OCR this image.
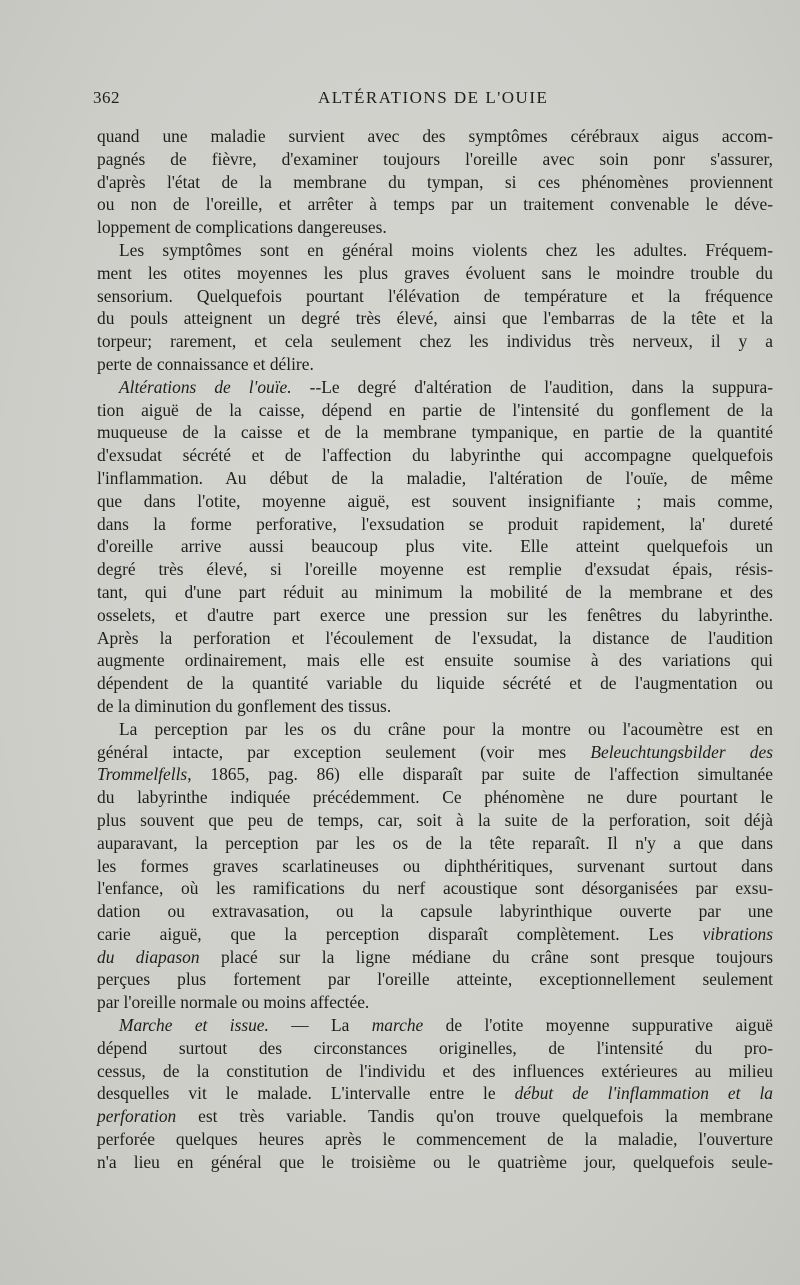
362	ALTÉRATIONS DE L'OUIE
quand une maladie survient avec des symptômes cérébraux aigus accom-
pagnés de fièvre, d'examiner toujours l'oreille avec soin ponr s'assurer,
d'après l'état de la membrane du tympan, si ces phénomènes proviennent
ou non de l'oreille, et arrêter à temps par un traitement convenable le déve-
loppement de complications dangereuses.
Les symptômes sont en général moins violents chez les adultes. Fréquem-
ment les otites moyennes les plus graves évoluent sans le moindre trouble du
sensorium. Quelquefois pourtant l'élévation de température et la fréquence
du pouls atteignent un degré très élevé, ainsi que l'embarras de la tête et la
torpeur; rarement, et cela seulement chez les individus très nerveux, il y a
perte de connaissance et délire.
Altérations de l'ouïe. --Le degré d'altération de l'audition, dans la suppura-
tion aiguë de la caisse, dépend en partie de l'intensité du gonflement de la
muqueuse de la caisse et de la membrane tympanique, en partie de la quantité
d'exsudat sécrété et de l'affection du labyrinthe qui accompagne quelquefois
l'inflammation. Au début de la maladie, l'altération de l'ouïe, de même
que dans l'otite, moyenne aiguë, est souvent insignifiante ; mais comme,
dans la forme perforative, l'exsudation se produit rapidement, la' dureté
d'oreille arrive aussi beaucoup plus vite. Elle atteint quelquefois un
degré très élevé, si l'oreille moyenne est remplie d'exsudat épais, résis-
tant, qui d'une part réduit au minimum la mobilité de la membrane et des
osselets, et d'autre part exerce une pression sur les fenêtres du labyrinthe.
Après la perforation et l'écoulement de l'exsudat, la distance de l'audition
augmente ordinairement, mais elle est ensuite soumise à des variations qui
dépendent de la quantité variable du liquide sécrété et de l'augmentation ou
de la diminution du gonflement des tissus.
La perception par les os du crâne pour la montre ou l'acoumètre est en
général intacte, par exception seulement (voir mes Beleuchtungsbilder des
Trommelfells, 1865, pag. 86) elle disparaît par suite de l'affection simultanée
du labyrinthe indiquée précédemment. Ce phénomène ne dure pourtant le
plus souvent que peu de temps, car, soit à la suite de la perforation, soit déjà
auparavant, la perception par les os de la tête reparaît. Il n'y a que dans
les formes graves scarlatineuses ou diphthéritiques, survenant surtout dans
l'enfance, où les ramifications du nerf acoustique sont désorganisées par exsu-
dation ou extravasation, ou la capsule labyrinthique ouverte par une
carie aiguë, que la perception disparaît complètement. Les vibrations
du diapason placé sur la ligne médiane du crâne sont presque toujours
perçues plus fortement par l'oreille atteinte, exceptionnellement seulement
par l'oreille normale ou moins affectée.
Marche et issue. — La marche de l'otite moyenne suppurative aiguë
dépend surtout des circonstances originelles, de l'intensité du pro-
cessus, de la constitution de l'individu et des influences extérieures au milieu
desquelles vit le malade. L'intervalle entre le début de l'inflammation et la
perforation est très variable. Tandis qu'on trouve quelquefois la membrane
perforée quelques heures après le commencement de la maladie, l'ouverture
n'a lieu en général que le troisième ou le quatrième jour, quelquefois seule-
